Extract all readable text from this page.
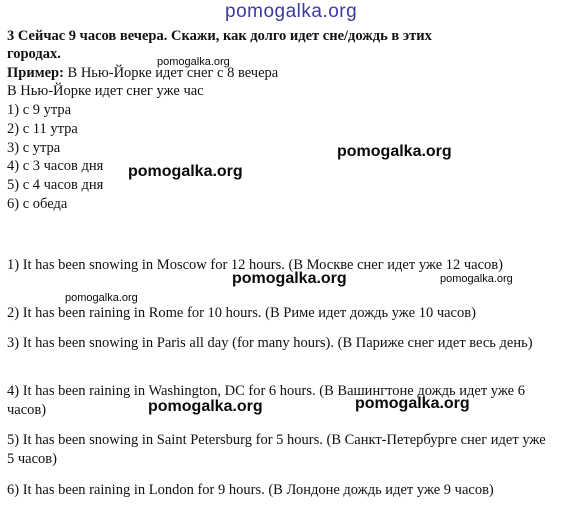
pomogalka.org
3 Сейчас 9 часов вечера. Скажи, как долго идет сне/дождь в этих
городах.	pomogalka.org
Пример: В Нью-Йорке идет снег с 8 вечера
В Нью-Йорке идет снег уже час
1) с 9 утра
2) с 11 утра
3) с утра
4) с 3 часов дня
5) с 4 часов дня
6) с обеда
pomogalka.org
pomogalka.org
1) It has been snowing in Moscow for 12 hours. (В Москве снег идет уже 12 часов)
pomogalka.org	pomogalka.org
pomogalka.org
2) It has been raining in Rome for 10 hours. (В Риме идет дождь уже 10 часов)
3) It has been snowing in Paris all day (for many hours). (В Париже снег идет весь день)
4) It has been raining in Washington, DC for 6 hours. (В Вашингтоне дождь идет уже 6 часов)	pomogalka.org	pomogalka.org
5) It has been snowing in Saint Petersburg for 5 hours. (В Санкт-Петербурге снег идет уже 5 часов)
6) It has been raining in London for 9 hours. (В Лондоне дождь идет уже 9 часов)
